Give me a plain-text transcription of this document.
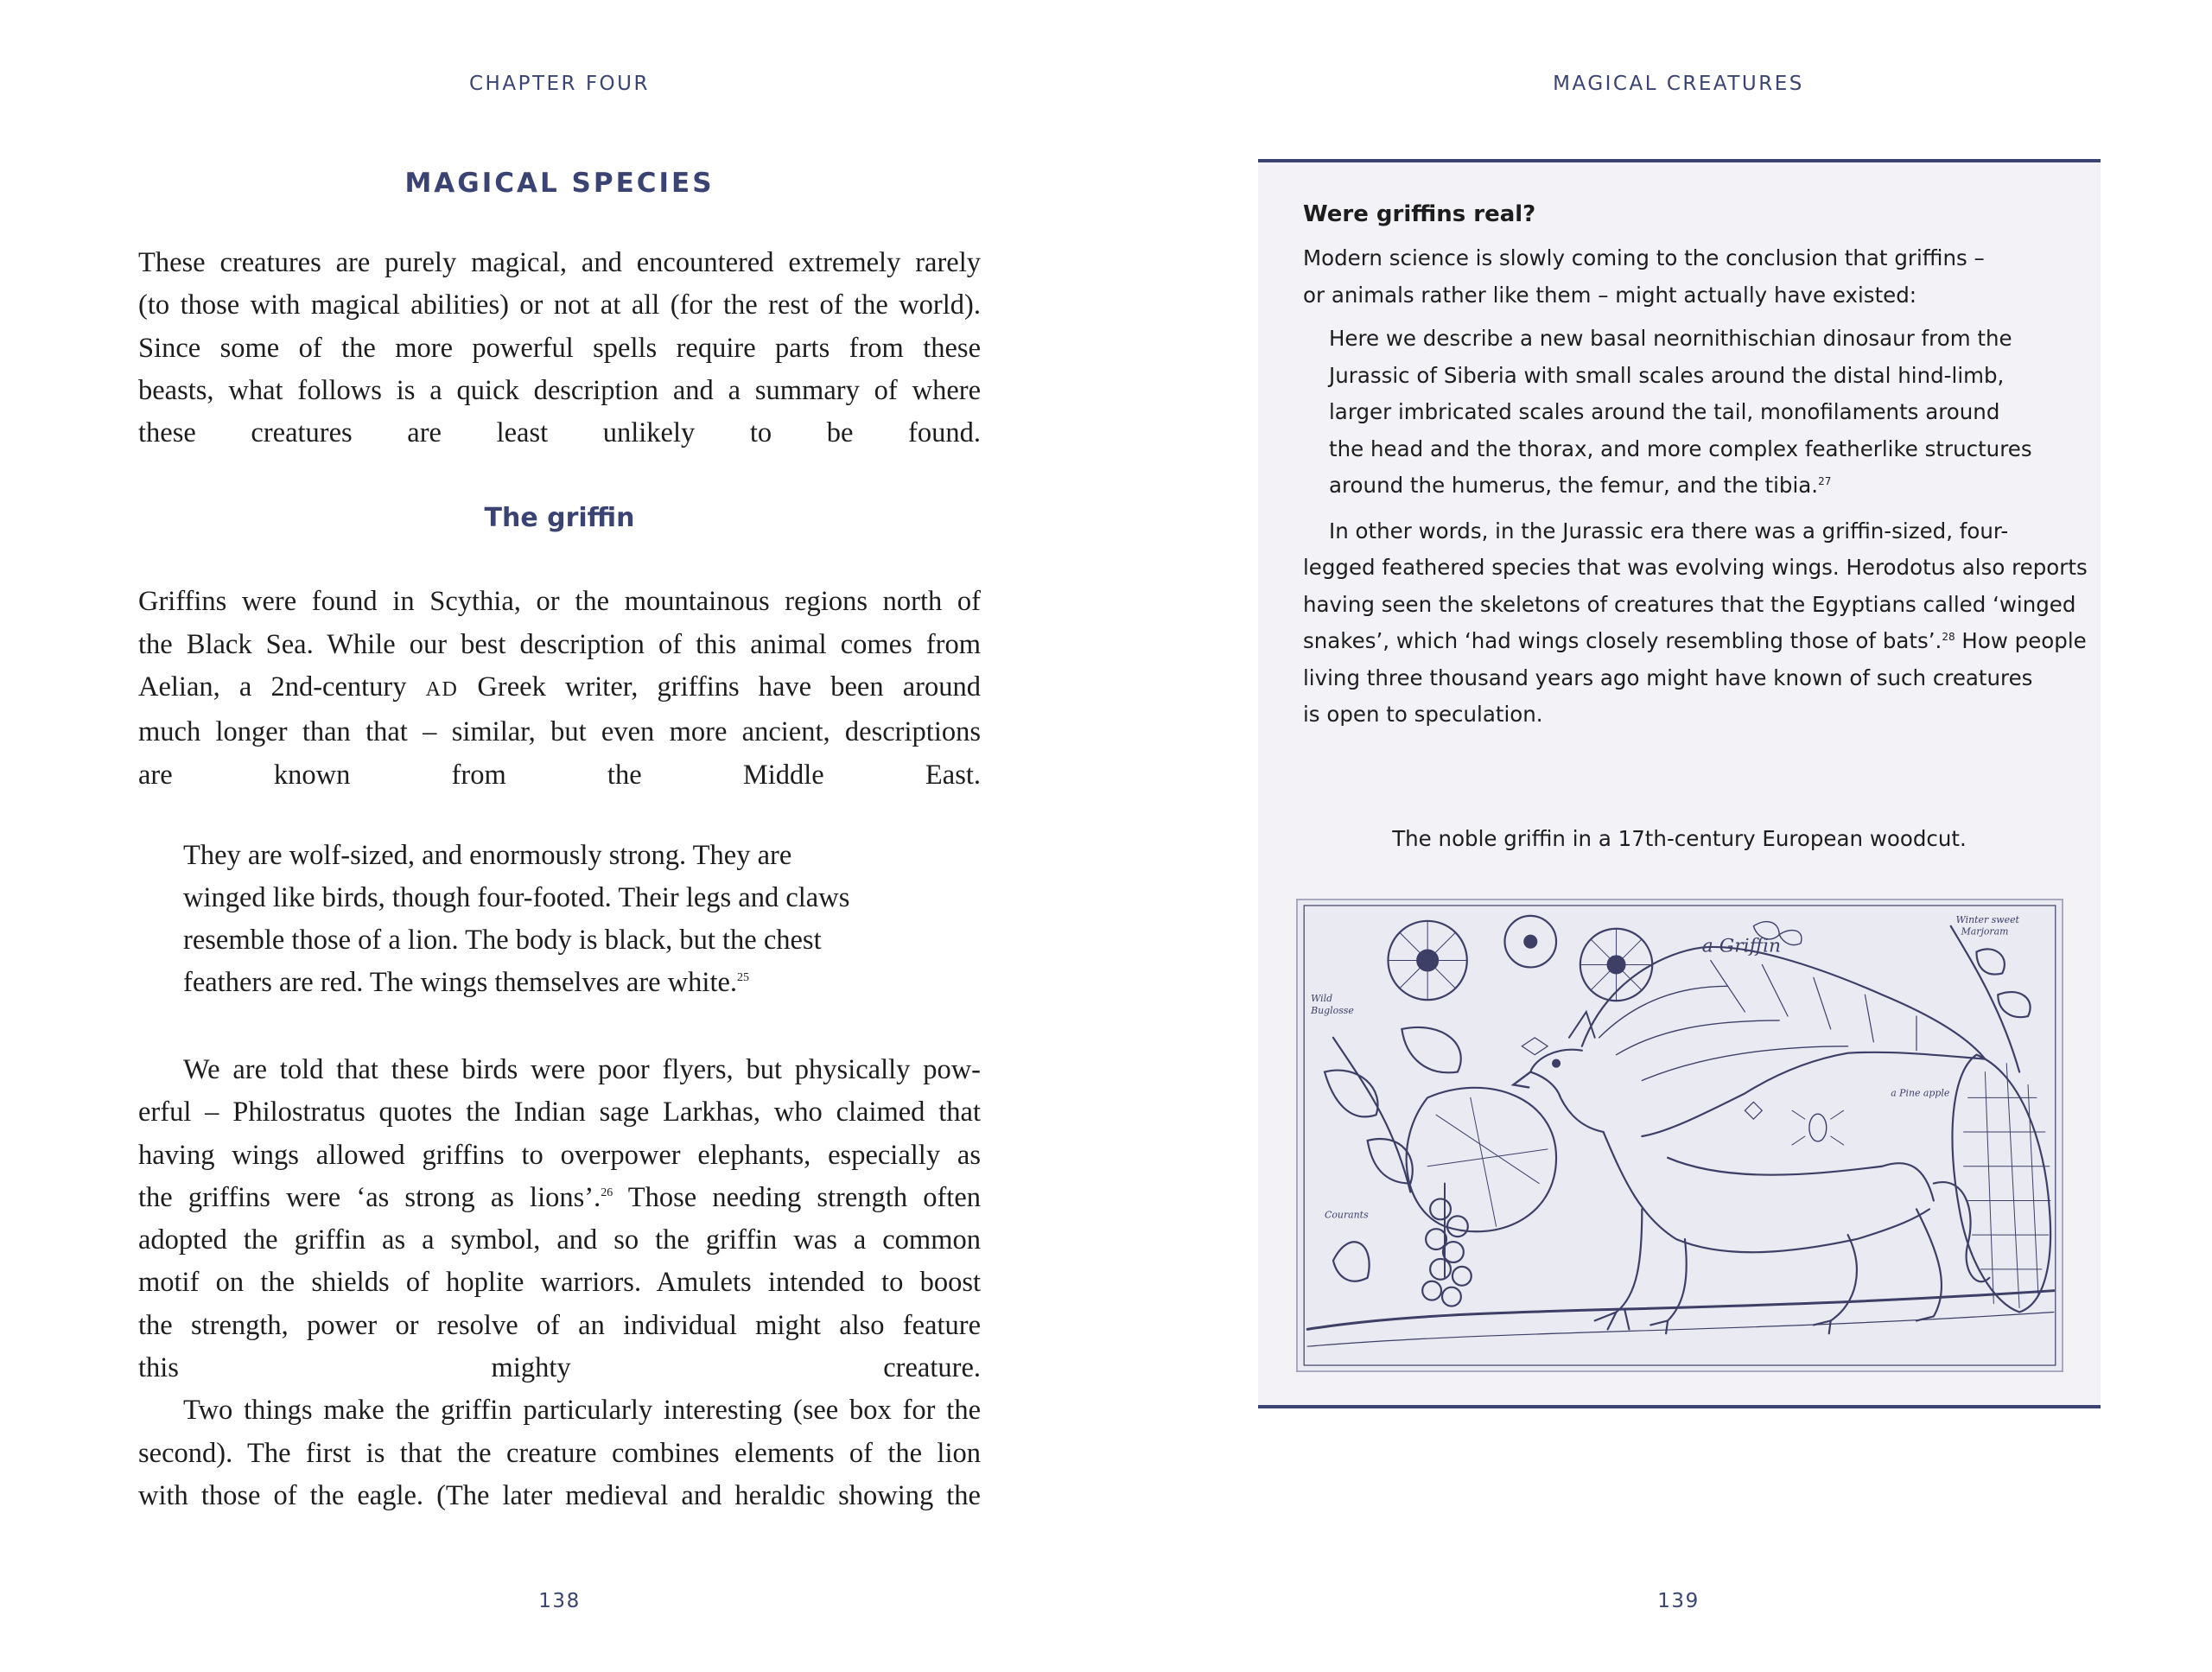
CHAPTER FOUR
MAGICAL SPECIES

These creatures are purely magical, and encountered extremely rarely
(to those with magical abilities) or not at all (for the rest of the world).
Since some of the more powerful spells require parts from these
beasts, what follows is a quick description and a summary of where
these creatures are least unlikely to be found.

The griffin

Griffins were found in Scythia, or the mountainous regions north of
the Black Sea. While our best description of this animal comes from
Aelian, a 2nd-century AD Greek writer, griffins have been around
much longer than that – similar, but even more ancient, descriptions
are known from the Middle East.

They are wolf-sized, and enormously strong. They are
winged like birds, though four-footed. Their legs and claws
resemble those of a lion. The body is black, but the chest
feathers are red. The wings themselves are white.$^{25}$

We are told that these birds were poor flyers, but physically pow-
erful – Philostratus quotes the Indian sage Larkhas, who claimed that
having wings allowed griffins to overpower elephants, especially as
the griffins were ‘as strong as lions’.$^{26}$ Those needing strength often
adopted the griffin as a symbol, and so the griffin was a common
motif on the shields of hoplite warriors. Amulets intended to boost
the strength, power or resolve of an individual might also feature
this mighty creature.

Two things make the griffin particularly interesting (see box for the
second). The first is that the creature combines elements of the lion
with those of the eagle. (The later medieval and heraldic showing the

138
MAGICAL CREATURES
Were griffins real?

Modern science is slowly coming to the conclusion that griffins –
or animals rather like them – might actually have existed:

Here we describe a new basal neornithischian dinosaur from the
Jurassic of Siberia with small scales around the distal hind-limb,
larger imbricated scales around the tail, monofilaments around
the head and the thorax, and more complex featherlike structures
around the humerus, the femur, and the tibia.$^{27}$

In other words, in the Jurassic era there was a griffin-sized, four-
legged feathered species that was evolving wings. Herodotus also reports
having seen the skeletons of creatures that the Egyptians called ‘winged
snakes’, which ‘had wings closely resembling those of bats’.$^{28}$ How people
living three thousand years ago might have known of such creatures
is open to speculation.

The noble griffin in a 17th-century European woodcut.
a Griffin
Winter sweet
Marjoram
Wild
Buglosse
a Pine apple
Courants
139
